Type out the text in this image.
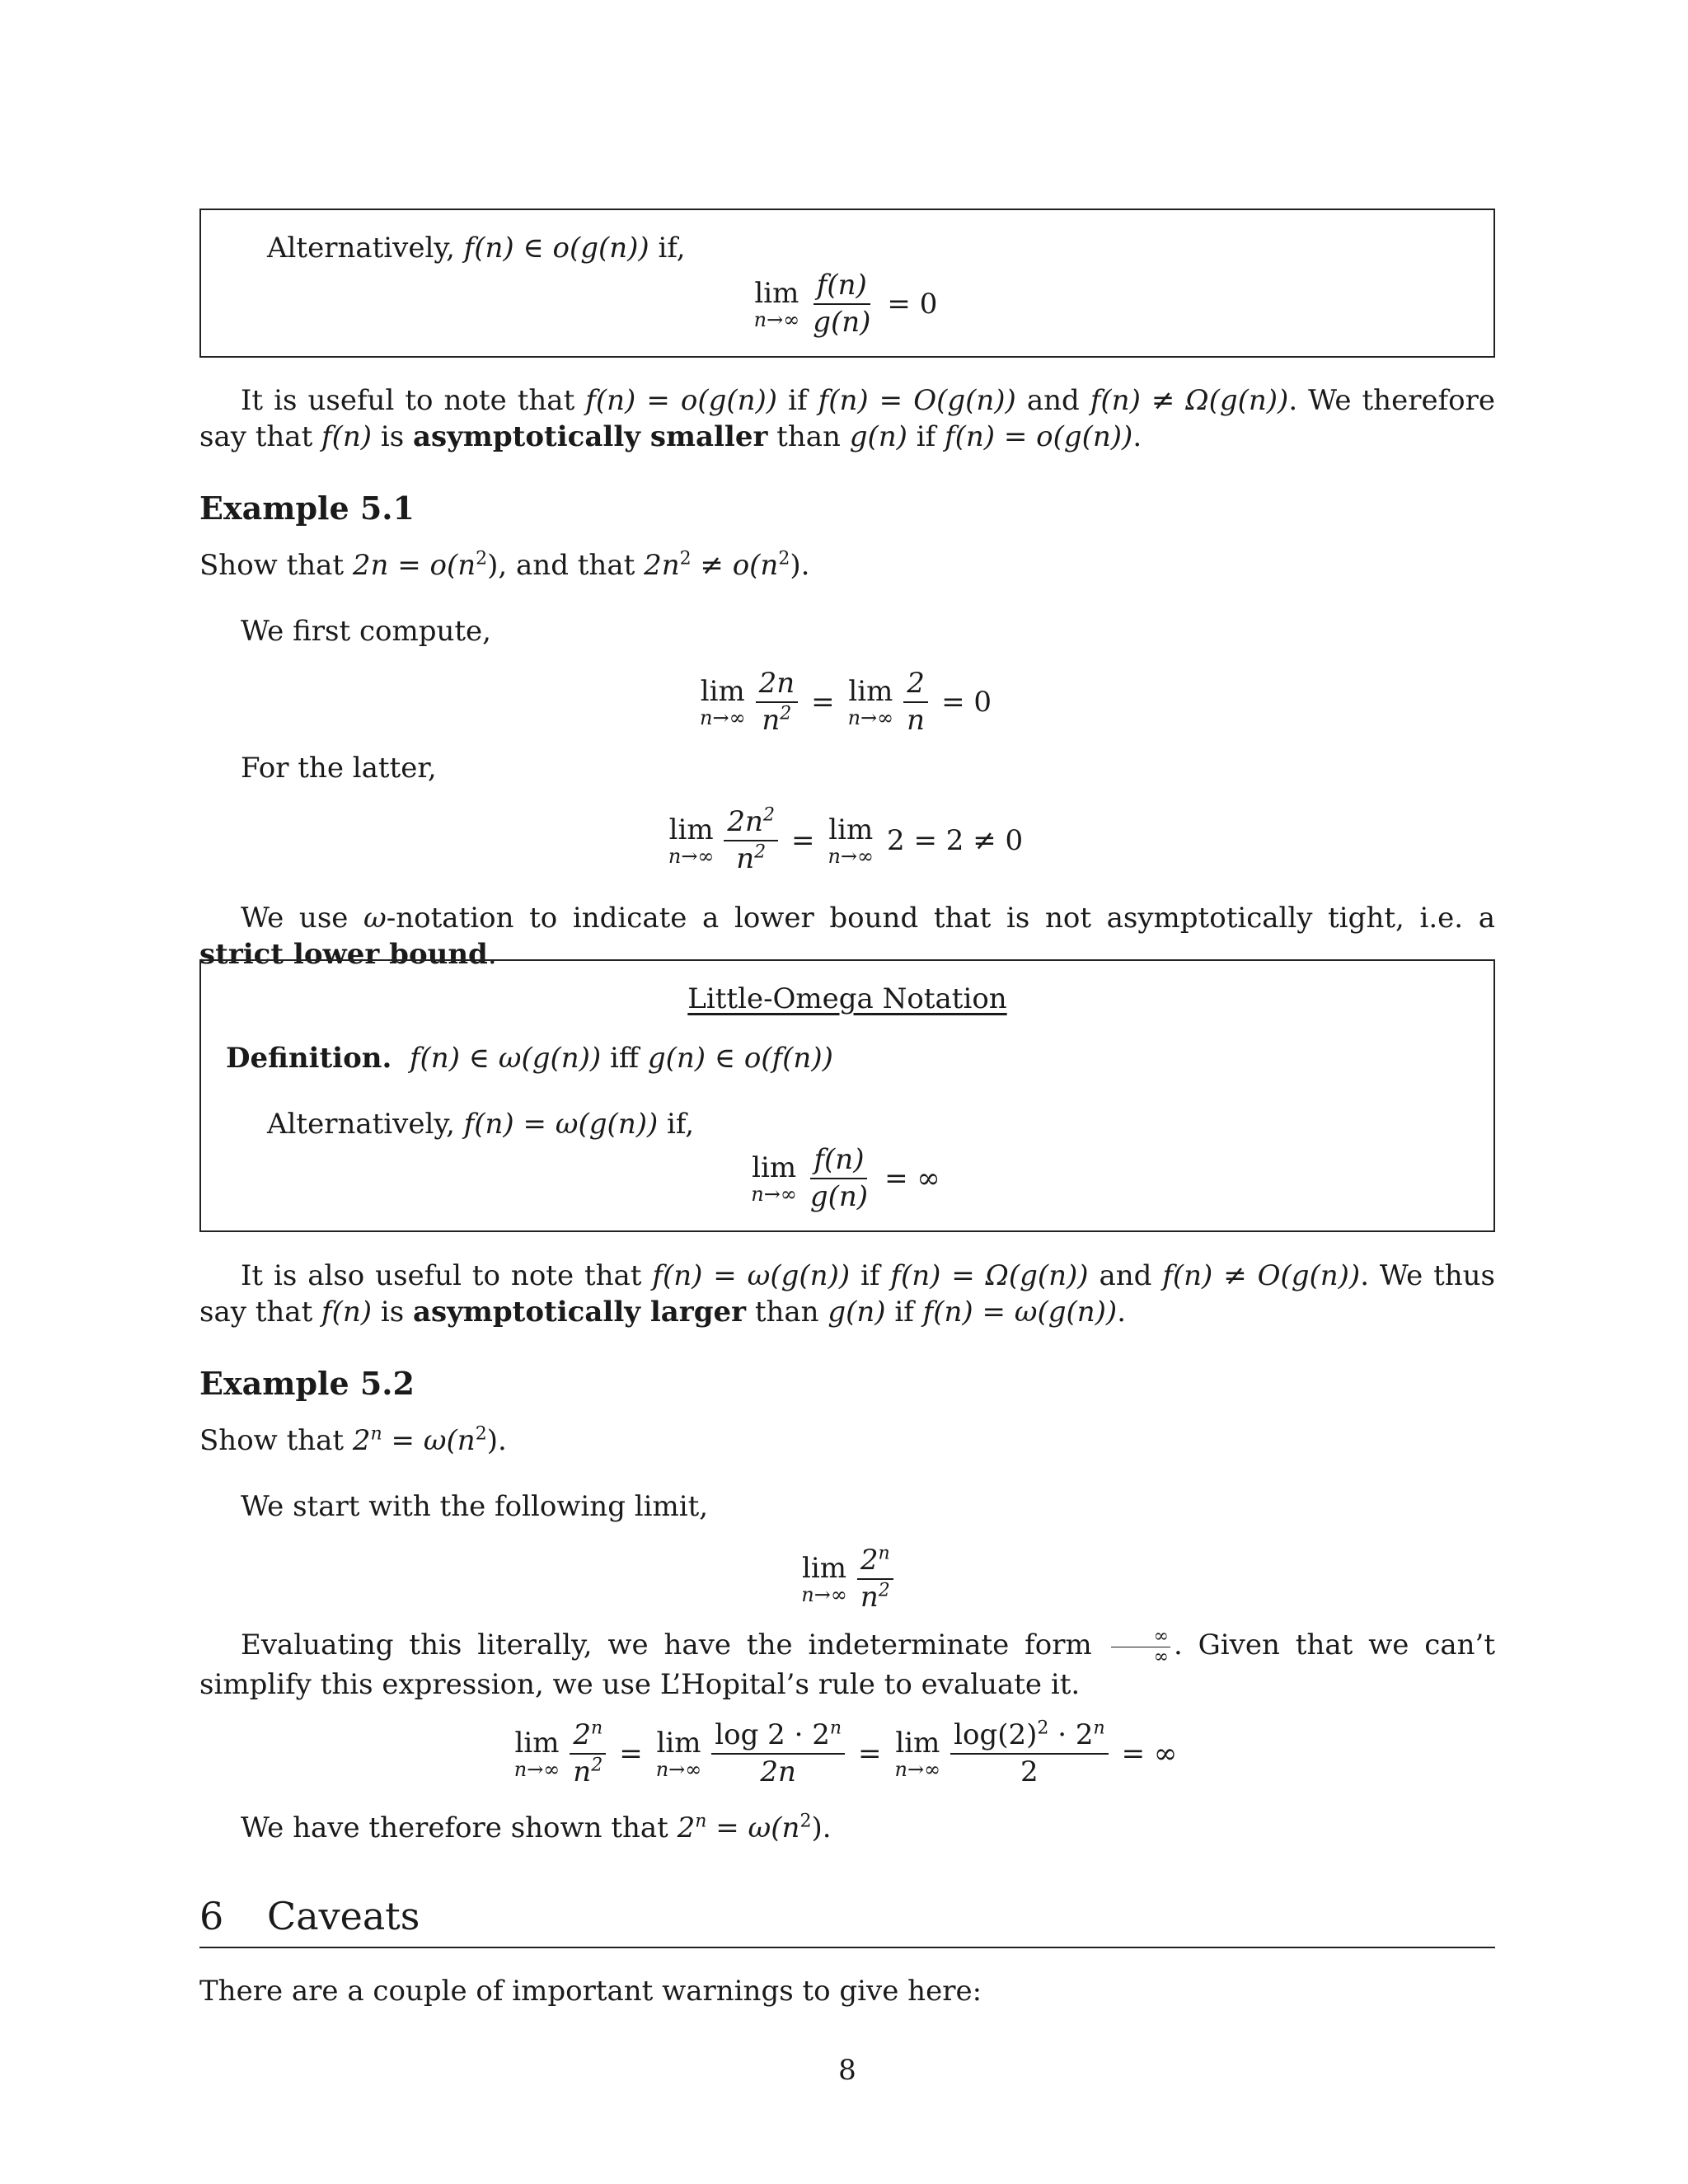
Alternatively, f(n) ∈ o(g(n)) if,
lim
$n\to\infty \frac{f(n)}{g(n)} = 0$
It is useful to note that f(n) = o(g(n)) if f(n) = O(g(n)) and f(n) ≠ Ω(g(n)). We therefore say that f(n) is asymptotically smaller than g(n) if f(n) = o(g(n)).
Example 5.1
Show that $2n = o(n^2)$, and that $2n^2 \ne o(n^2)$.
We first compute,
lim
$n\to\infty \frac{2n}{n^2} = \lim$
$n\to\infty \frac{2}{n} = 0$
For the latter,
lim
$n\to\infty \frac{2n^2}{n^2} = \lim$
n→∞ 2 = 2 ≠ 0
We use ω-notation to indicate a lower bound that is not asymptotically tight, i.e. a strict lower bound.
Little-Omega Notation
Definition. f(n) ∈ ω(g(n)) iff g(n) ∈ o(f(n))
Alternatively, f(n) = ω(g(n)) if,
lim
$n\to\infty \frac{f(n)}{g(n)}$ = ∞
It is also useful to note that f(n) = ω(g(n)) if f(n) = Ω(g(n)) and f(n) ≠ O(g(n)). We thus say that f(n) is asymptotically larger than g(n) if f(n) = ω(g(n)).
Example 5.2
Show that $2^n = \omega(n^2)$.
We start with the following limit,
lim
$n\to\infty \frac{2^n}{n^2}$
Evaluating this literally, we have the indeterminate form $\frac{\infty}{\infty}$ . Given that we can’t simplify this expression, we use L’Hopital’s rule to evaluate it.
lim
$n\to\infty \frac{2^n}{n^2} = \lim$
$n\to\infty \frac{\log 2 \cdot 2^n}{2n} = \lim$
$n\to\infty \frac{\log(2)^2 \cdot 2^n}{2}$ = ∞
We have therefore shown that $2^n = \omega(n^2)$.
6 Caveats
There are a couple of important warnings to give here:
8
